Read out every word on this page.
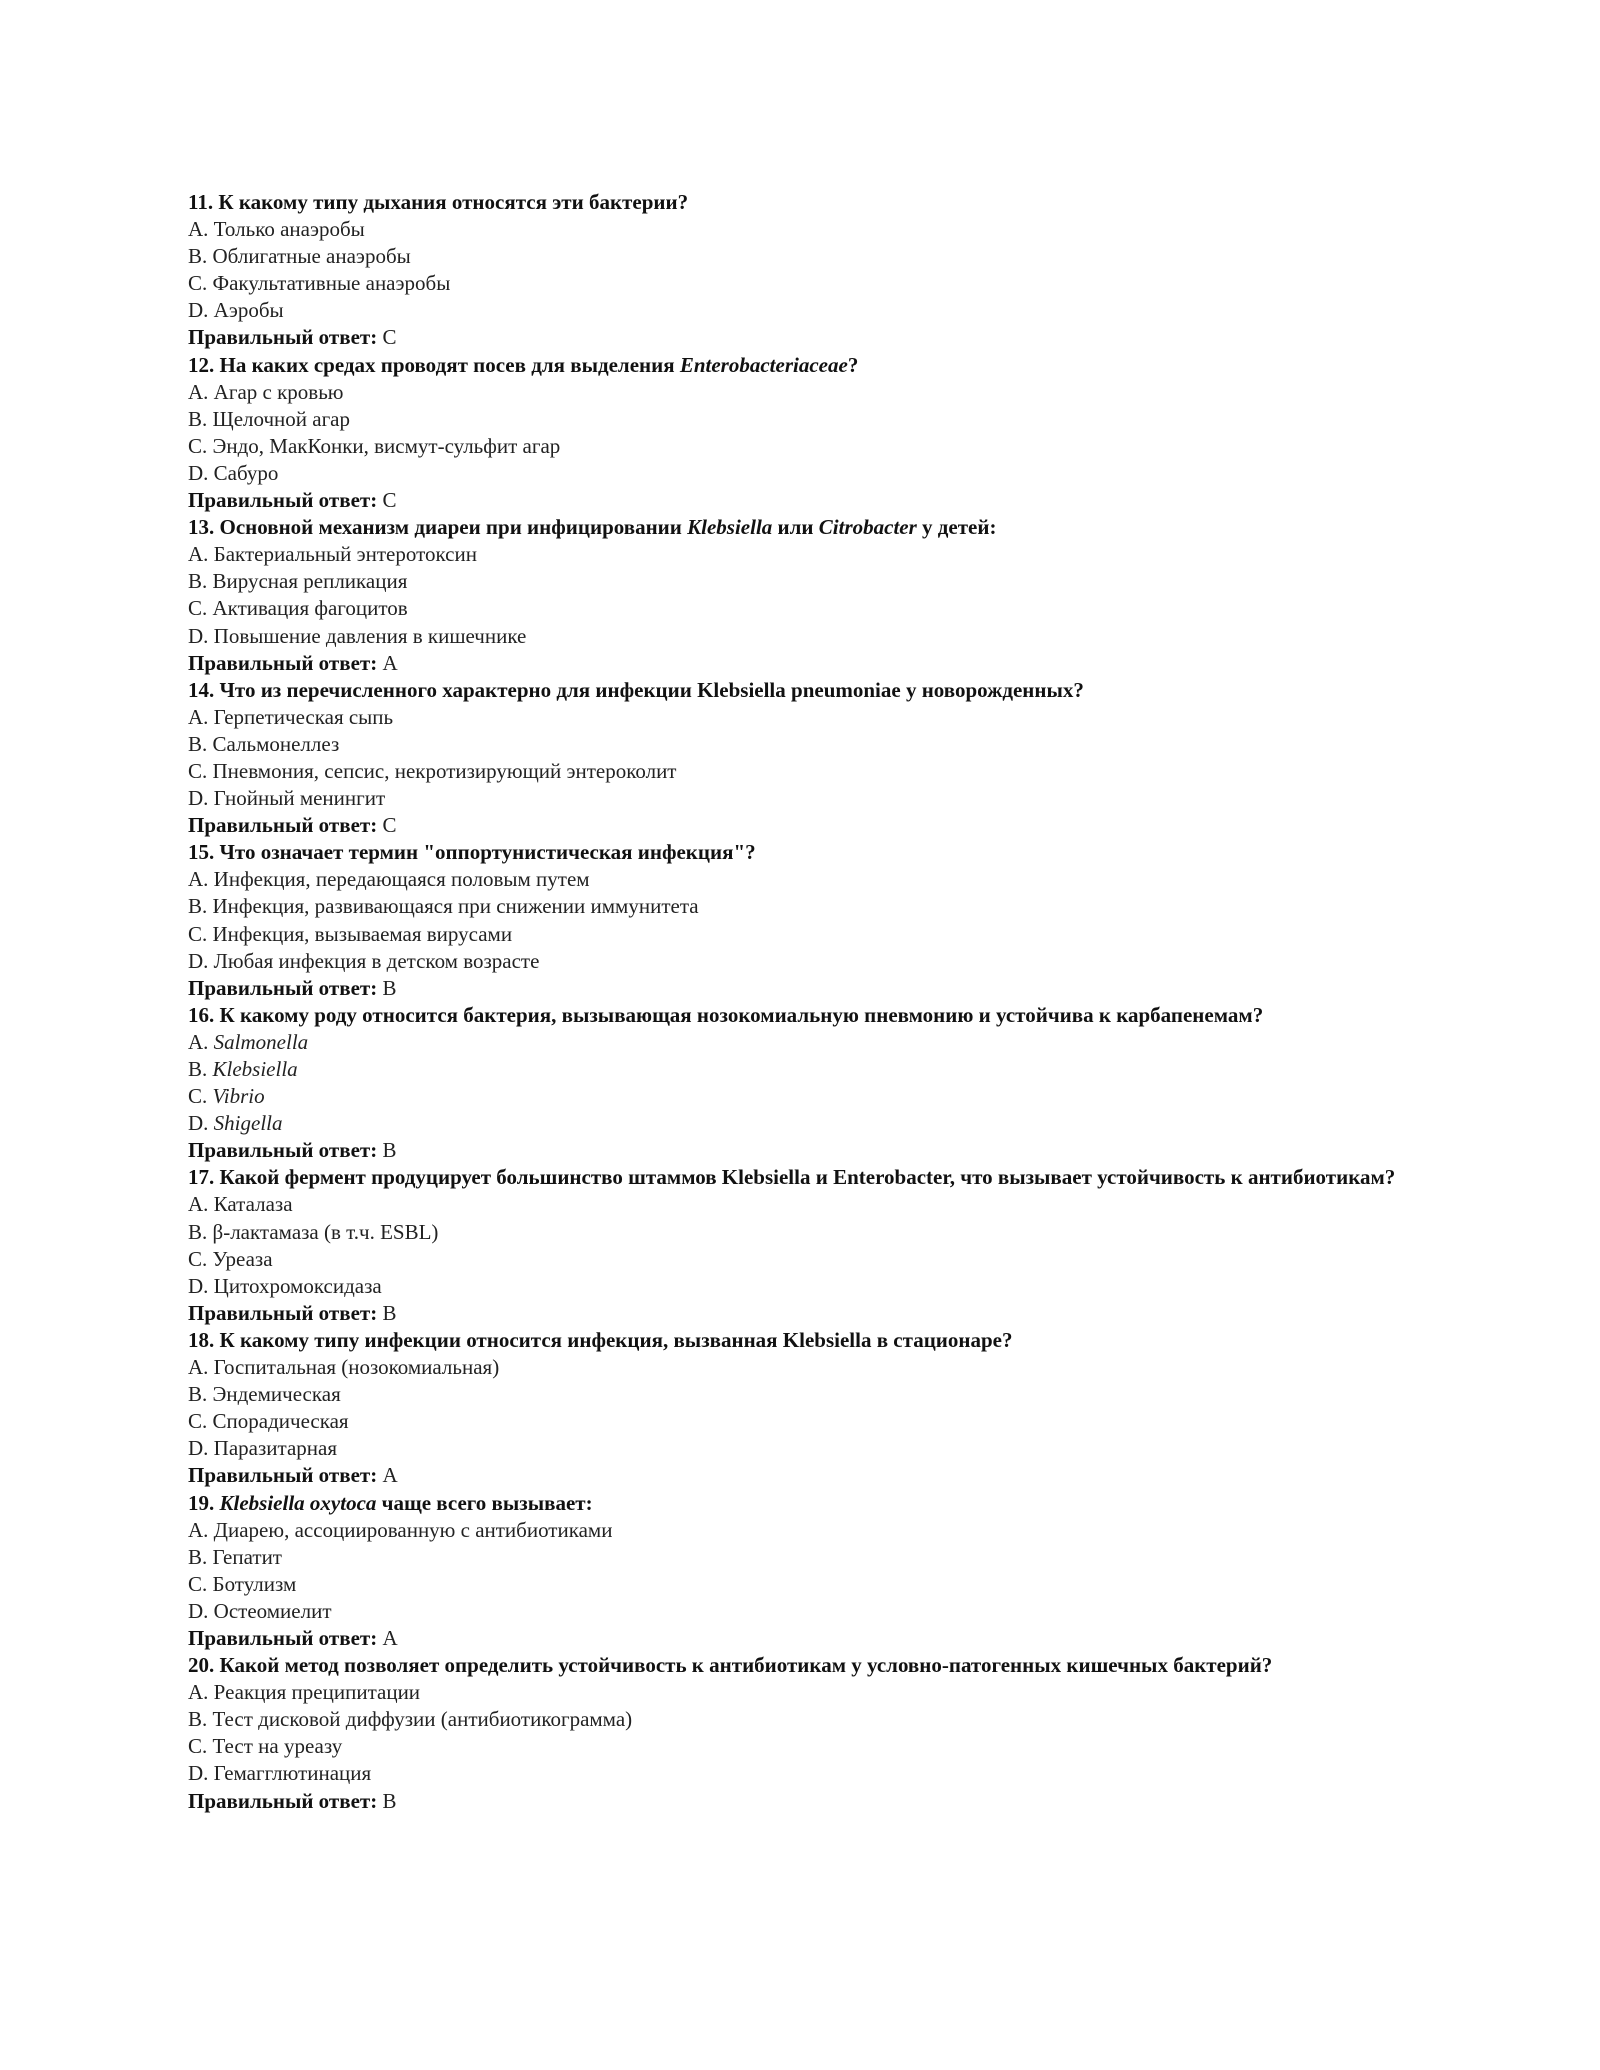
11. К какому типу дыхания относятся эти бактерии?
A. Только анаэробы
B. Облигатные анаэробы
C. Факультативные анаэробы
D. Аэробы
Правильный ответ: C
12. На каких средах проводят посев для выделения Enterobacteriaceae?
A. Агар с кровью
B. Щелочной агар
C. Эндо, МакКонки, висмут-сульфит агар
D. Сабуро
Правильный ответ: C
13. Основной механизм диареи при инфицировании Klebsiella или Citrobacter у детей:
A. Бактериальный энтеротоксин
B. Вирусная репликация
C. Активация фагоцитов
D. Повышение давления в кишечнике
Правильный ответ: A
14. Что из перечисленного характерно для инфекции Klebsiella pneumoniae у новорожденных?
A. Герпетическая сыпь
B. Сальмонеллез
C. Пневмония, сепсис, некротизирующий энтероколит
D. Гнойный менингит
Правильный ответ: C
15. Что означает термин "оппортунистическая инфекция"?
A. Инфекция, передающаяся половым путем
B. Инфекция, развивающаяся при снижении иммунитета
C. Инфекция, вызываемая вирусами
D. Любая инфекция в детском возрасте
Правильный ответ: B
16. К какому роду относится бактерия, вызывающая нозокомиальную пневмонию и устойчива к карбапенемам?
A. Salmonella
B. Klebsiella
C. Vibrio
D. Shigella
Правильный ответ: B
17. Какой фермент продуцирует большинство штаммов Klebsiella и Enterobacter, что вызывает устойчивость к антибиотикам?
A. Каталаза
B. β-лактамаза (в т.ч. ESBL)
C. Уреаза
D. Цитохромоксидаза
Правильный ответ: B
18. К какому типу инфекции относится инфекция, вызванная Klebsiella в стационаре?
A. Госпитальная (нозокомиальная)
B. Эндемическая
C. Спорадическая
D. Паразитарная
Правильный ответ: A
19. Klebsiella oxytoca чаще всего вызывает:
A. Диарею, ассоциированную с антибиотиками
B. Гепатит
C. Ботулизм
D. Остеомиелит
Правильный ответ: A
20. Какой метод позволяет определить устойчивость к антибиотикам у условно-патогенных кишечных бактерий?
A. Реакция преципитации
B. Тест дисковой диффузии (антибиотикограмма)
C. Тест на уреазу
D. Гемагглютинация
Правильный ответ: B
